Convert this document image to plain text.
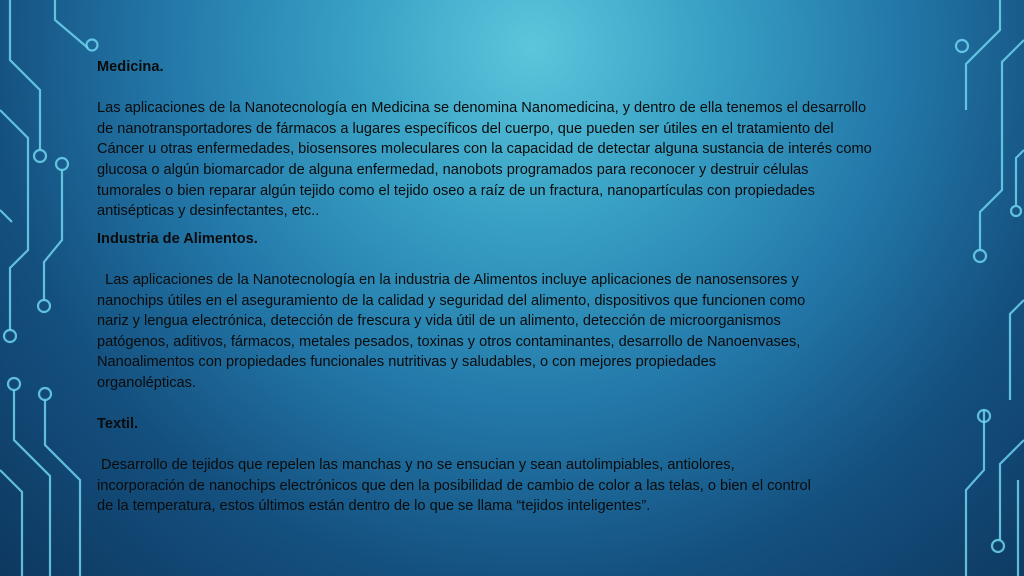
Medicina.

Las aplicaciones de la Nanotecnología en Medicina se denomina Nanomedicina, y dentro de ella tenemos el desarrollo

de nanotransportadores de fármacos a lugares específicos del cuerpo, que pueden ser útiles en el tratamiento del

Cáncer u otras enfermedades, biosensores moleculares con la capacidad de detectar alguna sustancia de interés como

glucosa o algún biomarcador de alguna enfermedad, nanobots programados para reconocer y destruir células

tumorales o bien reparar algún tejido como el tejido oseo a raíz de un fractura, nanopartículas con propiedades

antisépticas y desinfectantes, etc..

Industria de Alimentos.

Las aplicaciones de la Nanotecnología en la industria de Alimentos incluye aplicaciones de nanosensores y

nanochips útiles en el aseguramiento de la calidad y seguridad del alimento, dispositivos que funcionen como

nariz y lengua electrónica, detección de frescura y vida útil de un alimento, detección de microorganismos

patógenos, aditivos, fármacos, metales pesados, toxinas y otros contaminantes, desarrollo de Nanoenvases,

Nanoalimentos con propiedades funcionales nutritivas y saludables, o con mejores propiedades

organolépticas.

Textil.

Desarrollo de tejidos que repelen las manchas y no se ensucian y sean autolimpiables, antiolores,

incorporación de nanochips electrónicos que den la posibilidad de cambio de color a las telas, o bien el control

de la temperatura, estos últimos están dentro de lo que se llama “tejidos inteligentes”.
